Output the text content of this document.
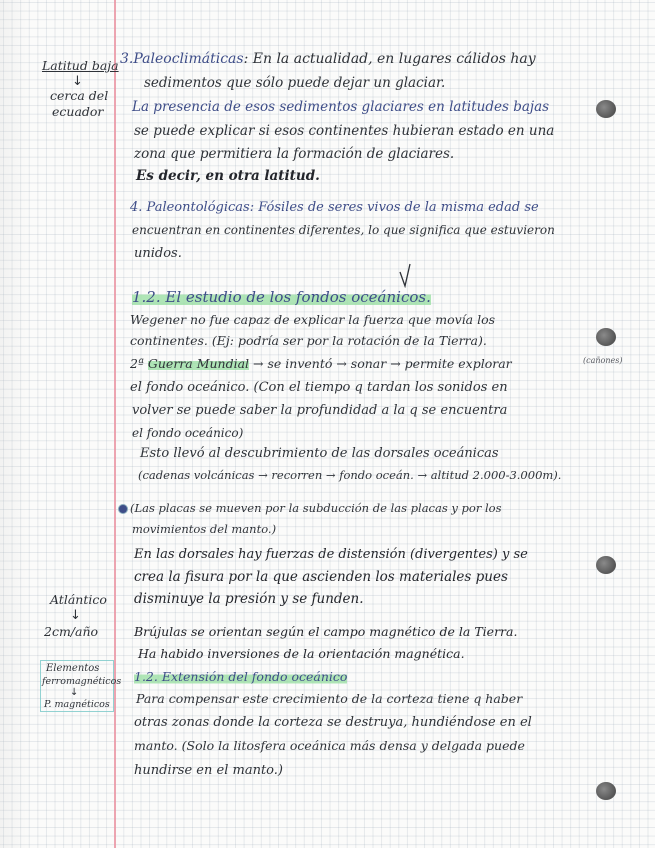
Latitud baja
↓
cerca del
ecuador
Atlántico
↓
2cm/año
Elementos
ferromagnéticos
↓
P. magnéticos
3.Paleoclimáticas: En la actualidad, en lugares cálidos hay
sedimentos que sólo puede dejar un glaciar.
La presencia de esos sedimentos glaciares en latitudes bajas
se puede explicar si esos continentes hubieran estado en una
zona que permitiera la formación de glaciares.
Es decir, en otra latitud.
4. Paleontológicas: Fósiles de seres vivos de la misma edad se
encuentran en continentes diferentes, lo que significa que estuvieron
unidos.
1.2. El estudio de los fondos oceánicos.
Wegener no fue capaz de explicar la fuerza que movía los
continentes. (Ej: podría ser por la rotación de la Tierra).
2ª Guerra Mundial → se inventó → sonar → permite explorar	(cañones)
el fondo oceánico. (Con el tiempo q tardan los sonidos en
volver se puede saber la profundidad a la q se encuentra
el fondo oceánico)
Esto llevó al descubrimiento de las dorsales oceánicas
(cadenas volcánicas → recorren → fondo oceán. → altitud 2.000-3.000m).
(Las placas se mueven por la subducción de las placas y por los
movimientos del manto.)
En las dorsales hay fuerzas de distensión (divergentes) y se
crea la fisura por la que ascienden los materiales pues
disminuye la presión y se funden.
Brújulas se orientan según el campo magnético de la Tierra.
Ha habido inversiones de la orientación magnética.
1.2. Extensión del fondo oceánico
Para compensar este crecimiento de la corteza tiene q haber
otras zonas donde la corteza se destruya, hundiéndose en el
manto. (Solo la litosfera oceánica más densa y delgada puede
hundirse en el manto.)
